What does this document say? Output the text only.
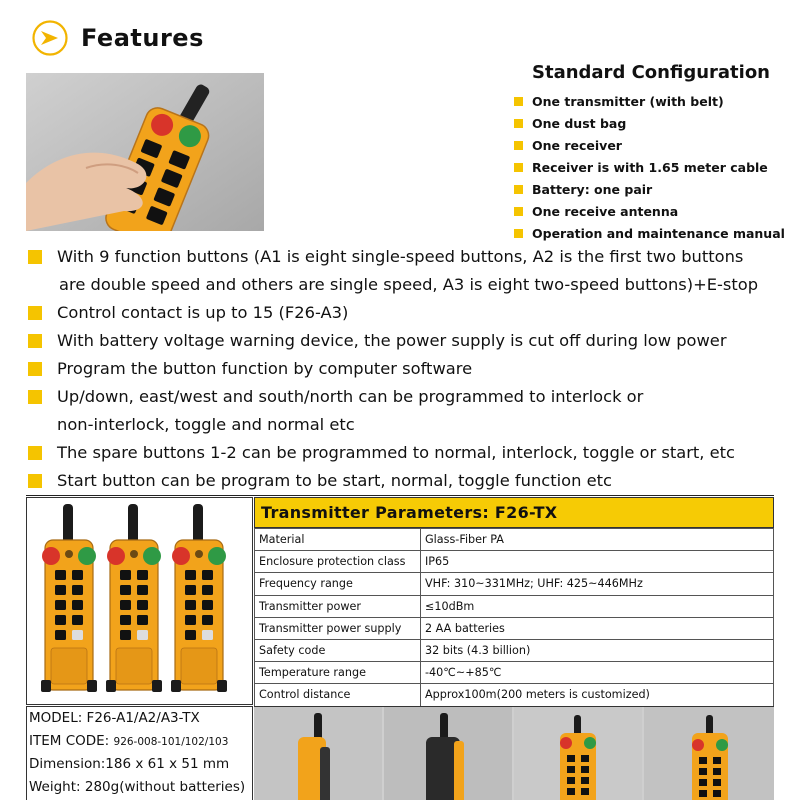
Features
Standard Configuration
One transmitter (with belt)
One dust bag
One receiver
Receiver is with 1.65 meter cable
Battery: one pair
One receive antenna
Operation and maintenance manual
With 9 function buttons (A1 is eight single-speed buttons, A2 is the first two buttons
are double speed and others are single speed, A3 is eight two-speed buttons)+E-stop
Control contact is up to 15 (F26-A3)
With battery voltage warning device, the power supply is cut off during low power
Program the button function by computer software
Up/down, east/west and south/north can be programmed to interlock or
non-interlock, toggle and normal etc
The spare buttons 1-2 can be programmed to normal, interlock, toggle or start, etc
Start button can be program to be start, normal, toggle function etc
Transmitter Parameters: F26-TX
Material	Glass-Fiber PA
Enclosure protection class	IP65
Frequency range	VHF: 310~331MHz; UHF: 425~446MHz
Transmitter power	≤10dBm
Transmitter power supply	2 AA batteries
Safety code	32 bits (4.3 billion)
Temperature range	-40℃~+85℃
Control distance	Approx100m(200 meters is customized)
MODEL: F26-A1/A2/A3-TX
ITEM CODE: 926-008-101/102/103
Dimension:186 x 61 x 51 mm
Weight: 280g(without batteries)
